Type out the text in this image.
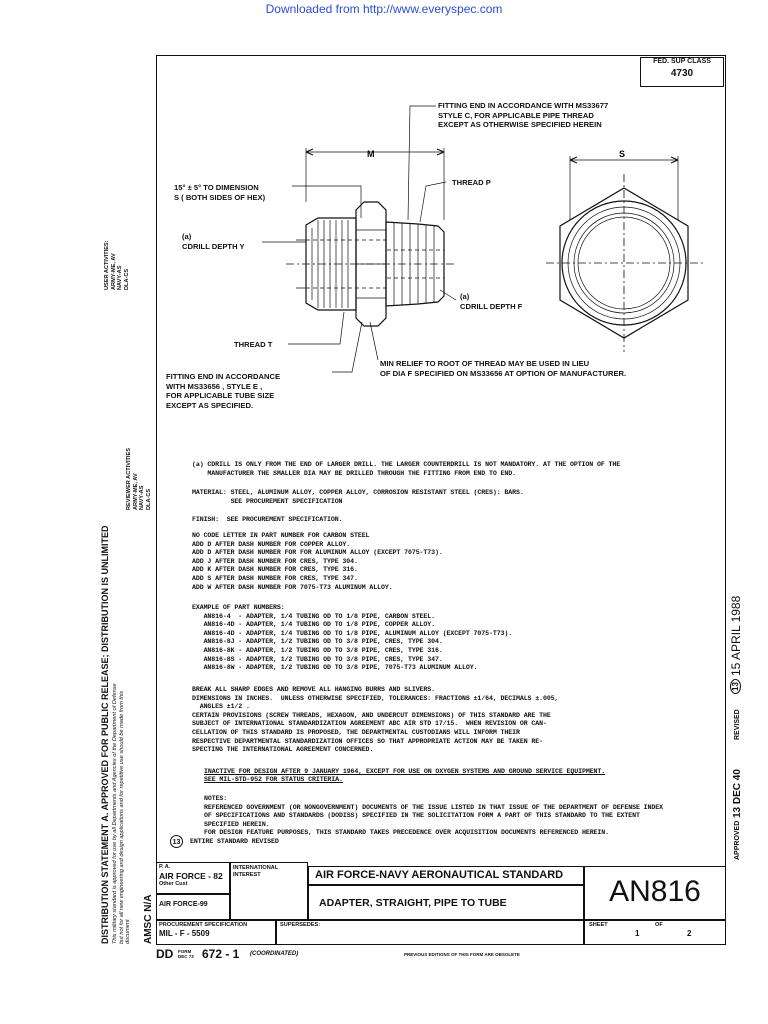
Downloaded from http://www.everyspec.com
FED. SUP CLASS
4730
M	S
FITTING END IN ACCORDANCE WITH MS33677
STYLE C, FOR APPLICABLE PIPE THREAD
EXCEPT AS OTHERWISE SPECIFIED HEREIN
15° ± 5° TO DIMENSION
S ( BOTH SIDES OF HEX)
THREAD P
(a)
CDRILL DEPTH Y
(a)
CDRILL DEPTH F
THREAD T
MIN RELIEF TO ROOT OF THREAD MAY BE USED IN LIEU
OF DIA F SPECIFIED ON MS33656 AT OPTION OF MANUFACTURER.
FITTING END IN ACCORDANCE
WITH MS33656 , STYLE E ,
FOR APPLICABLE TUBE SIZE
EXCEPT AS SPECIFIED.
(a) CDRILL IS ONLY FROM THE END OF LARGER DRILL. THE LARGER COUNTERDRILL IS NOT MANDATORY. AT THE OPTION OF THE
MANUFACTURER THE SMALLER DIA MAY BE DRILLED THROUGH THE FITTING FROM END TO END.
MATERIAL: STEEL, ALUMINUM ALLOY, COPPER ALLOY, CORROSION RESISTANT STEEL (CRES): BARS.
SEE PROCUREMENT SPECIFICATION
FINISH:  SEE PROCUREMENT SPECIFICATION.
NO CODE LETTER IN PART NUMBER FOR CARBON STEEL
ADD D AFTER DASH NUMBER FOR COPPER ALLOY.
ADD D AFTER DASH NUMBER FOR FOR ALUMINUM ALLOY (EXCEPT 7075-T73).
ADD J AFTER DASH NUMBER FOR CRES, TYPE 304.
ADD K AFTER DASH NUMBER FOR CRES, TYPE 316.
ADD S AFTER DASH NUMBER FOR CRES, TYPE 347.
ADD W AFTER DASH NUMBER FOR 7075-T73 ALUMINUM ALLOY.
EXAMPLE OF PART NUMBERS:
AN816-4  - ADAPTER, 1/4 TUBING OD TO 1/8 PIPE, CARBON STEEL.
AN816-4D - ADAPTER, 1/4 TUBING OD TO 1/8 PIPE, COPPER ALLOY.
AN816-4D - ADAPTER, 1/4 TUBING OD TO 1/8 PIPE, ALUMINUM ALLOY (EXCEPT 7075-T73).
AN816-8J - ADAPTER, 1/2 TUBING OD TO 3/8 PIPE, CRES, TYPE 304.
AN816-8K - ADAPTER, 1/2 TUBING OD TO 3/8 PIPE, CRES, TYPE 316.
AN816-8S - ADAPTER, 1/2 TUBING OD TO 3/8 PIPE, CRES, TYPE 347.
AN816-8W - ADAPTER, 1/2 TUBING OD TO 3/8 PIPE, 7075-T73 ALUMINUM ALLOY.
BREAK ALL SHARP EDGES AND REMOVE ALL HANGING BURRS AND SLIVERS.
DIMENSIONS IN INCHES.  UNLESS OTHERWISE SPECIFIED, TOLERANCES: FRACTIONS ±1/64, DECIMALS ±.005,
ANGLES ±1/2 .
CERTAIN PROVISIONS (SCREW THREADS, HEXAGON, AND UNDERCUT DIMENSIONS) OF THIS STANDARD ARE THE
SUBJECT OF INTERNATIONAL STANDARDIZATION AGREEMENT ABC AIR STD 17/15.  WHEN REVISION OR CAN-
CELLATION OF THIS STANDARD IS PROPOSED, THE DEPARTMENTAL CUSTODIANS WILL INFORM THEIR
RESPECTIVE DEPARTMENTAL STANDARDIZATION OFFICES SO THAT APPROPRIATE ACTION MAY BE TAKEN RE-
SPECTING THE INTERNATIONAL AGREEMENT CONCERNED.
INACTIVE FOR DESIGN AFTER 9 JANUARY 1964, EXCEPT FOR USE ON OXYGEN SYSTEMS AND GROUND SERVICE EQUIPMENT.
SEE MIL-STD-952 FOR STATUS CRITERIA.
NOTES:
REFERENCED GOVERNMENT (OR NONGOVERNMENT) DOCUMENTS OF THE ISSUE LISTED IN THAT ISSUE OF THE DEPARTMENT OF DEFENSE INDEX
OF SPECIFICATIONS AND STANDARDS (DODISS) SPECIFIED IN THE SOLICITATION FORM A PART OF THIS STANDARD TO THE EXTENT
SPECIFIED HEREIN.
FOR DESIGN FEATURE PURPOSES, THIS STANDARD TAKES PRECEDENCE OVER ACQUISITION DOCUMENTS REFERENCED HEREIN.
13	ENTIRE STANDARD REVISED
USER ACTIVITIES:
ARMY-ME, AV
NAVY-AS
DLA-CS
REVIEWER ACTIVITIES
ARMY-ME, AV
NAVY-AS
DLA-CS
DISTRIBUTION STATEMENT A. APPROVED FOR PUBLIC RELEASE; DISTRIBUTION IS UNLIMITED This military standard is approved for use by all Departments and Agencies of the Department of Defense
but not for all new engineering and design applications and for repetitive use should be made from this
document AMSC N/A
APPROVED
13 DEC 40
REVISED
13
15 APRIL 1988
P. A.
AIR FORCE - 82
Other Cust
AIR FORCE-99
INTERNATIONAL
INTEREST	AIR FORCE-NAVY AERONAUTICAL STANDARD
ADAPTER, STRAIGHT, PIPE TO TUBE	AN816
PROCUREMENT SPECIFICATION
MIL - F - 5509
SUPERSEDES:	SHEET
1
OF
2
DD FORM
DEC 73 672 - 1 (COORDINATED)	PREVIOUS EDITIONS OF THIS FORM ARE OBSOLETE
